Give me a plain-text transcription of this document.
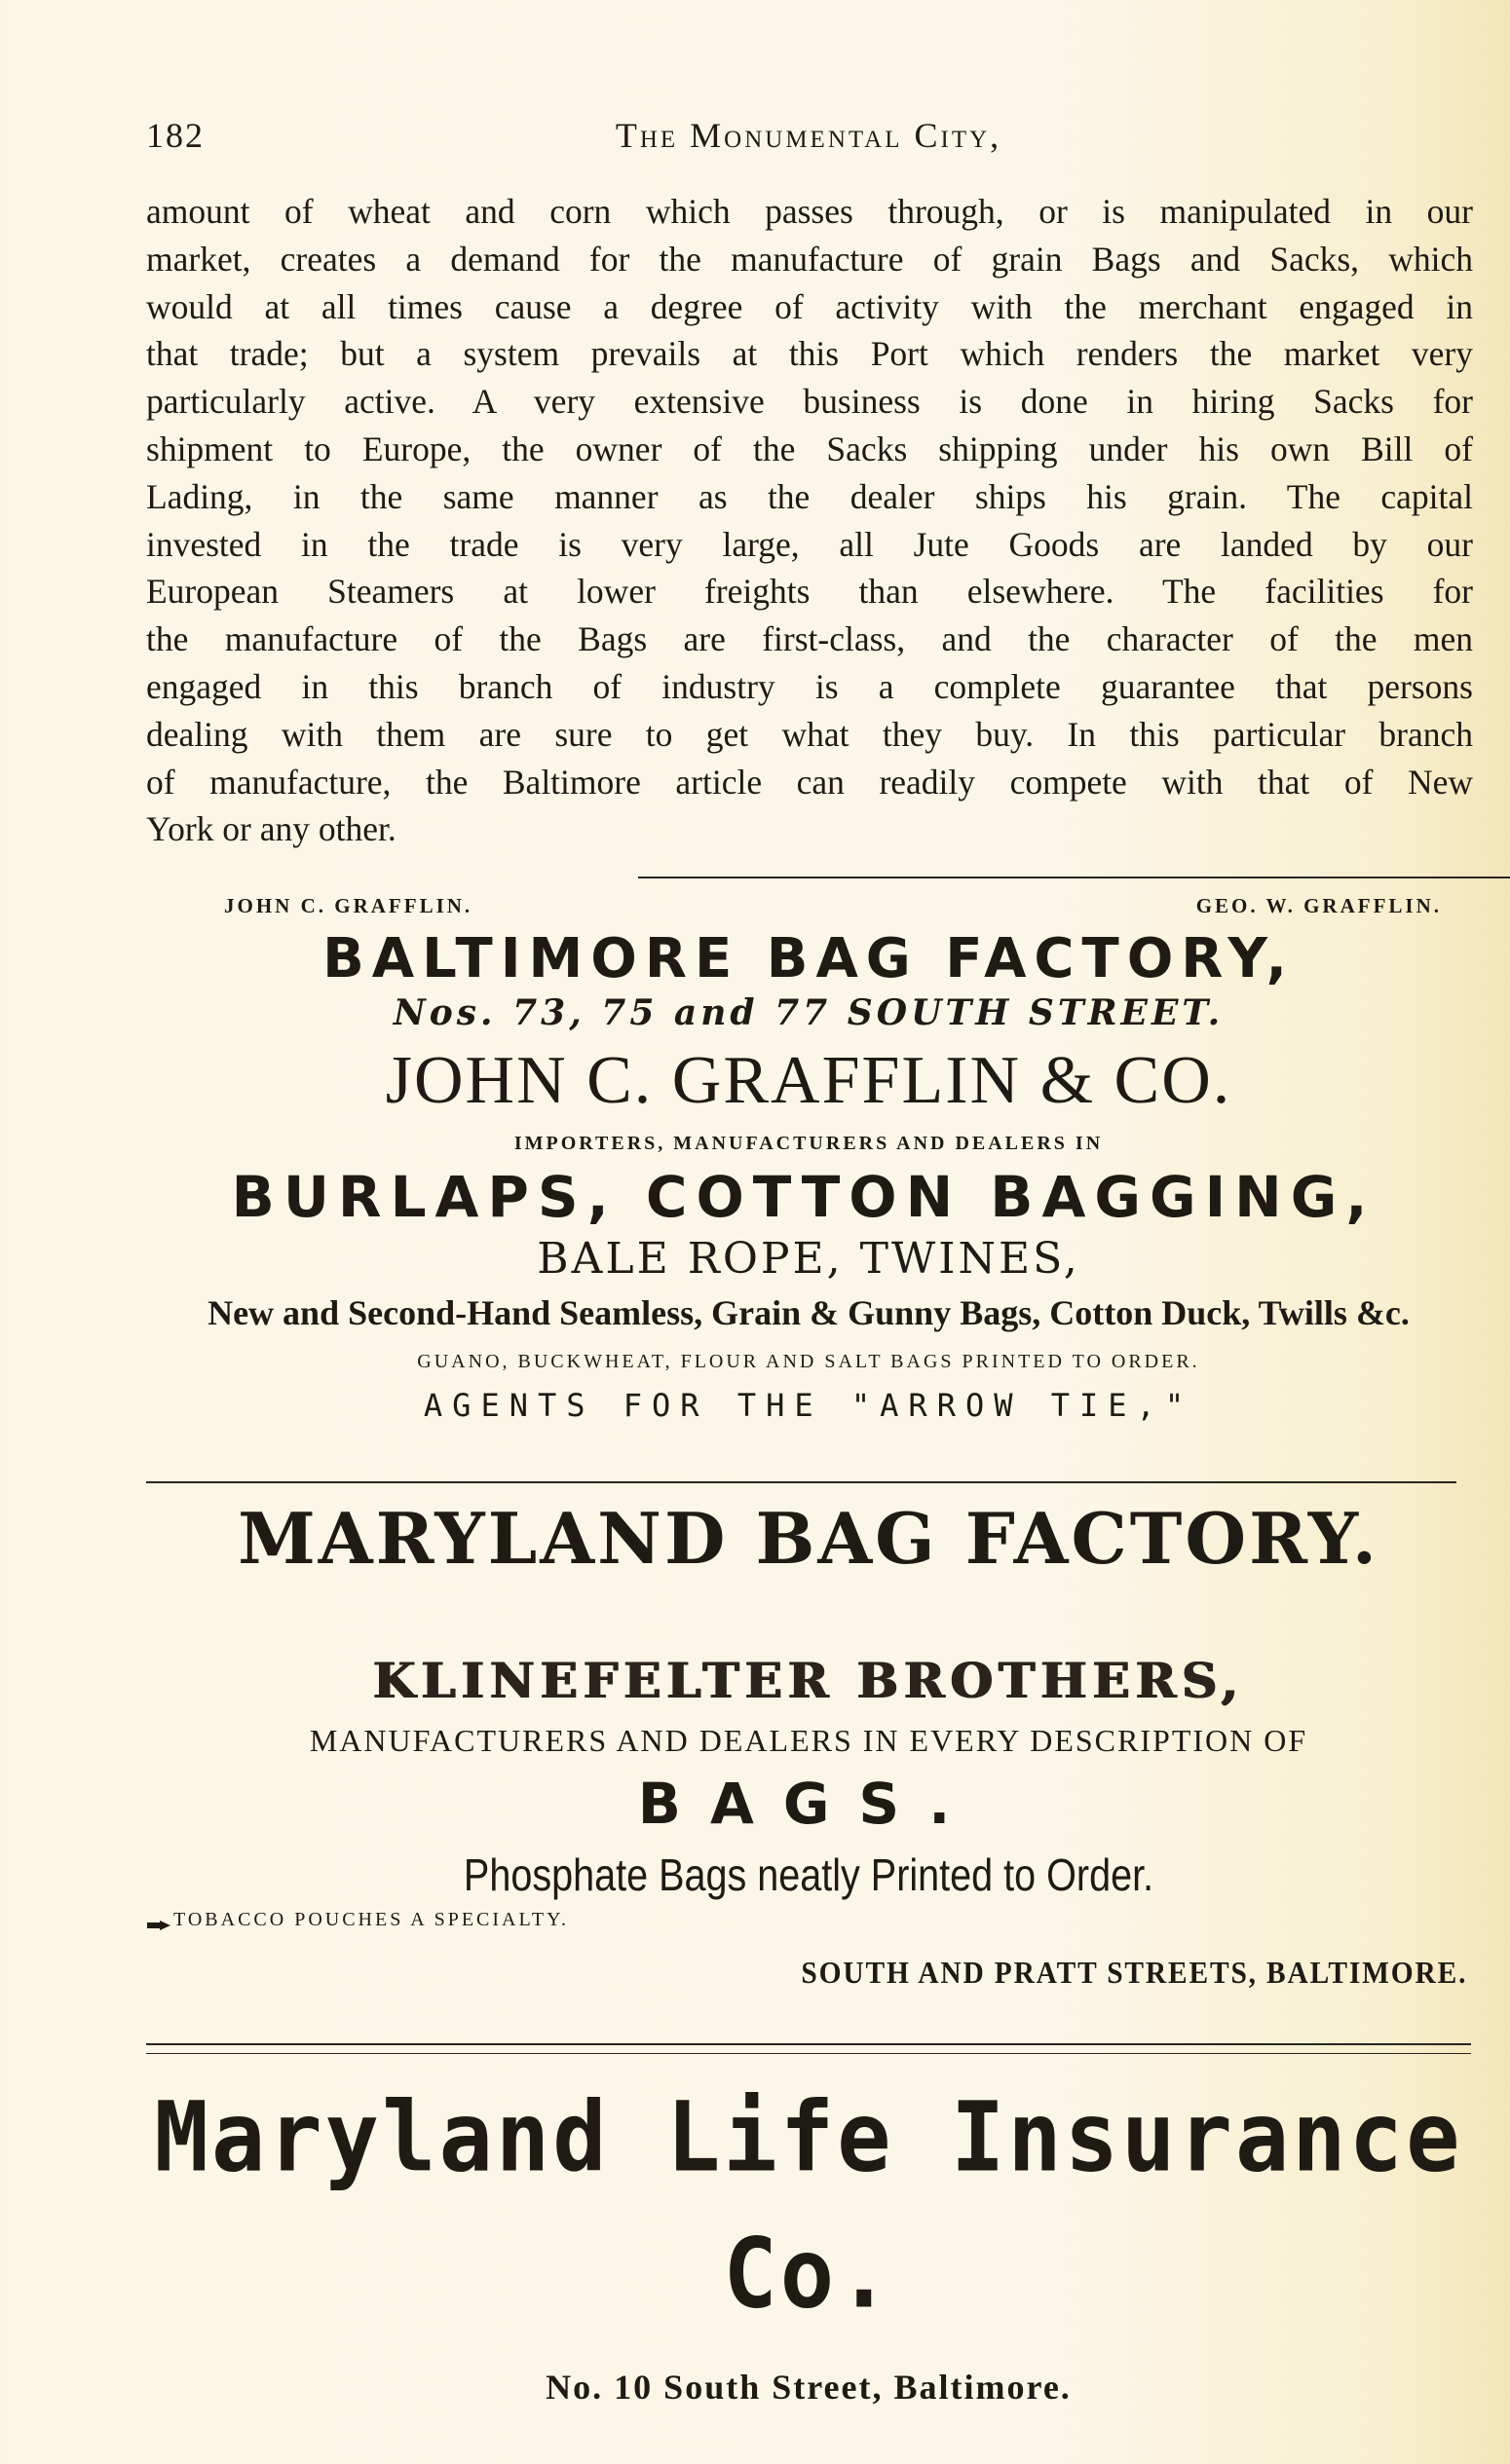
182	The Monumental City,
amount of wheat and corn which passes through, or is manipulated in our
market, creates a demand for the manufacture of grain Bags and Sacks, which
would at all times cause a degree of activity with the merchant engaged in
that trade; but a system prevails at this Port which renders the market very
particularly active. A very extensive business is done in hiring Sacks for
shipment to Europe, the owner of the Sacks shipping under his own Bill of
Lading, in the same manner as the dealer ships his grain. The capital
invested in the trade is very large, all Jute Goods are landed by our
European Steamers at lower freights than elsewhere. The facilities for
the manufacture of the Bags are first-class, and the character of the men
engaged in this branch of industry is a complete guarantee that persons
dealing with them are sure to get what they buy. In this particular branch
of manufacture, the Baltimore article can readily compete with that of New
York or any other.
JOHN C. GRAFFLIN.	GEO. W. GRAFFLIN.
BALTIMORE BAG FACTORY,
Nos. 73, 75 and 77 SOUTH STREET.
JOHN C. GRAFFLIN & CO.
IMPORTERS, MANUFACTURERS AND DEALERS IN
BURLAPS, COTTON BAGGING,
BALE ROPE, TWINES,
New and Second-Hand Seamless, Grain & Gunny Bags, Cotton Duck, Twills &c.
GUANO, BUCKWHEAT, FLOUR AND SALT BAGS PRINTED TO ORDER.
AGENTS FOR THE "ARROW TIE,"
MARYLAND BAG FACTORY.
KLINEFELTER BROTHERS,
MANUFACTURERS AND DEALERS IN EVERY DESCRIPTION OF
BAGS.
Phosphate Bags neatly Printed to Order.
TOBACCO POUCHES A SPECIALTY.
SOUTH AND PRATT STREETS, BALTIMORE.
Maryland Life Insurance Co.
No. 10 South Street, Baltimore.
